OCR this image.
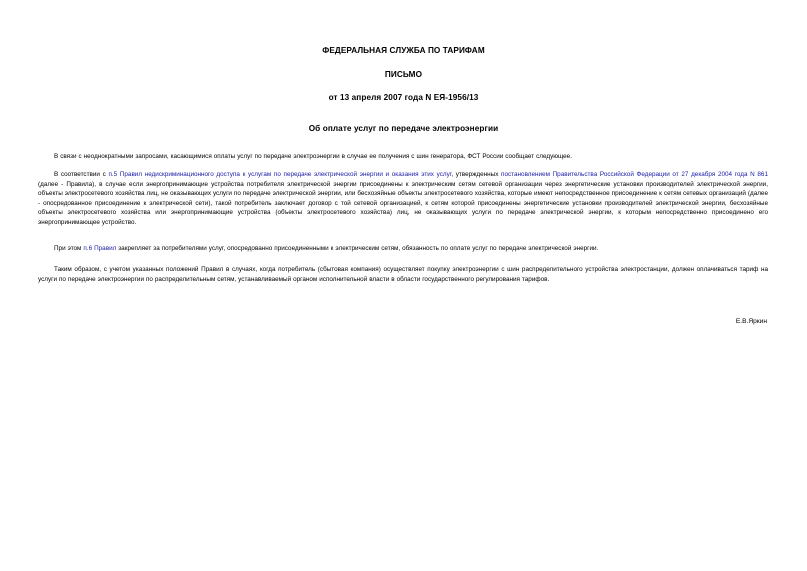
ФЕДЕРАЛЬНАЯ СЛУЖБА ПО ТАРИФАМ
ПИСЬМО
от 13 апреля 2007 года N ЕЯ-1956/13
Об оплате услуг по передаче электроэнергии
В связи с неоднократными запросами, касающимися оплаты услуг по передаче электроэнергии в случае ее получения с шин генератора, ФСТ России сообщает следующее.
В соответствии с п.5 Правил недискриминационного доступа к услугам по передаче электрической энергии и оказания этих услуг, утвержденных постановлением Правительства Российской Федерации от 27 декабря 2004 года N 861 (далее - Правила), в случае если энергопринимающие устройства потребителя электрической энергии присоединены к электрическим сетям сетевой организации через энергетические установки производителей электрической энергии, объекты электросетевого хозяйства лиц, не оказывающих услуги по передаче электрической энергии, или бесхозяйные объекты электросетевого хозяйства, которые имеют непосредственное присоединение к сетям сетевых организаций (далее - опосредованное присоединение к электрической сети), такой потребитель заключает договор с той сетевой организацией, к сетям которой присоединены энергетические установки производителей электрической энергии, бесхозяйные объекты электросетевого хозяйства или энергопринимающие устройства (объекты электросетевого хозяйства) лиц, не оказывающих услуги по передаче электрической энергии, к которым непосредственно присоединено его энергопринимающее устройство.
При этом п.6 Правил закрепляет за потребителями услуг, опосредованно присоединенными к электрическим сетям, обязанность по оплате услуг по передаче электрической энергии.
Таким образом, с учетом указанных положений Правил в случаях, когда потребитель (сбытовая компания) осуществляет покупку электроэнергии с шин распределительного устройства электростанции, должен оплачиваться тариф на услуги по передаче электроэнергии по распределительным сетям, устанавливаемый органом исполнительной власти в области государственного регулирования тарифов.
Е.В.Яркин
